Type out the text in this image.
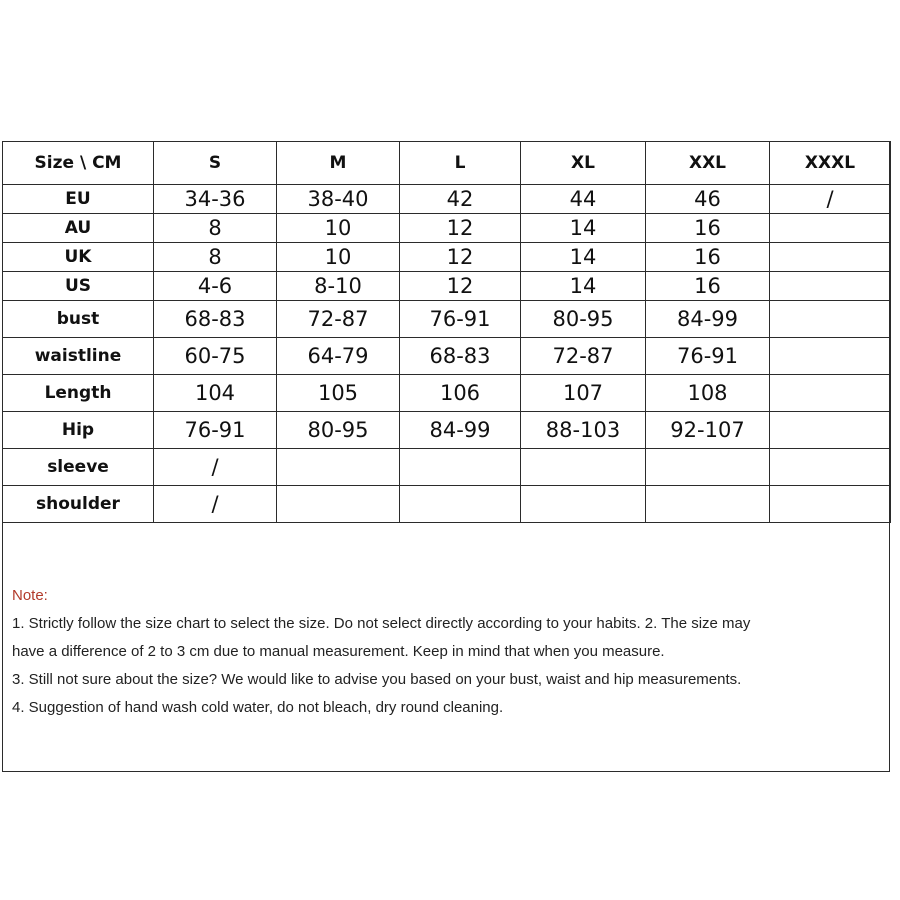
Size \ CM	S	M	L	XL	XXL	XXXL
EU	34-36	38-40	42	44	46	/
AU	8	10	12	14	16	
UK	8	10	12	14	16	
US	4-6	8-10	12	14	16	
bust	68-83	72-87	76-91	80-95	84-99	
waistline	60-75	64-79	68-83	72-87	76-91	
Length	104	105	106	107	108	
Hip	76-91	80-95	84-99	88-103	92-107	
sleeve	/					
shoulder	/					
Note:
1. Strictly follow the size chart to select the size. Do not select directly according to your habits. 2. The size may
have a difference of 2 to 3 cm due to manual measurement. Keep in mind that when you measure.
3. Still not sure about the size? We would like to advise you based on your bust, waist and hip measurements.
4. Suggestion of hand wash cold water, do not bleach, dry round cleaning.
